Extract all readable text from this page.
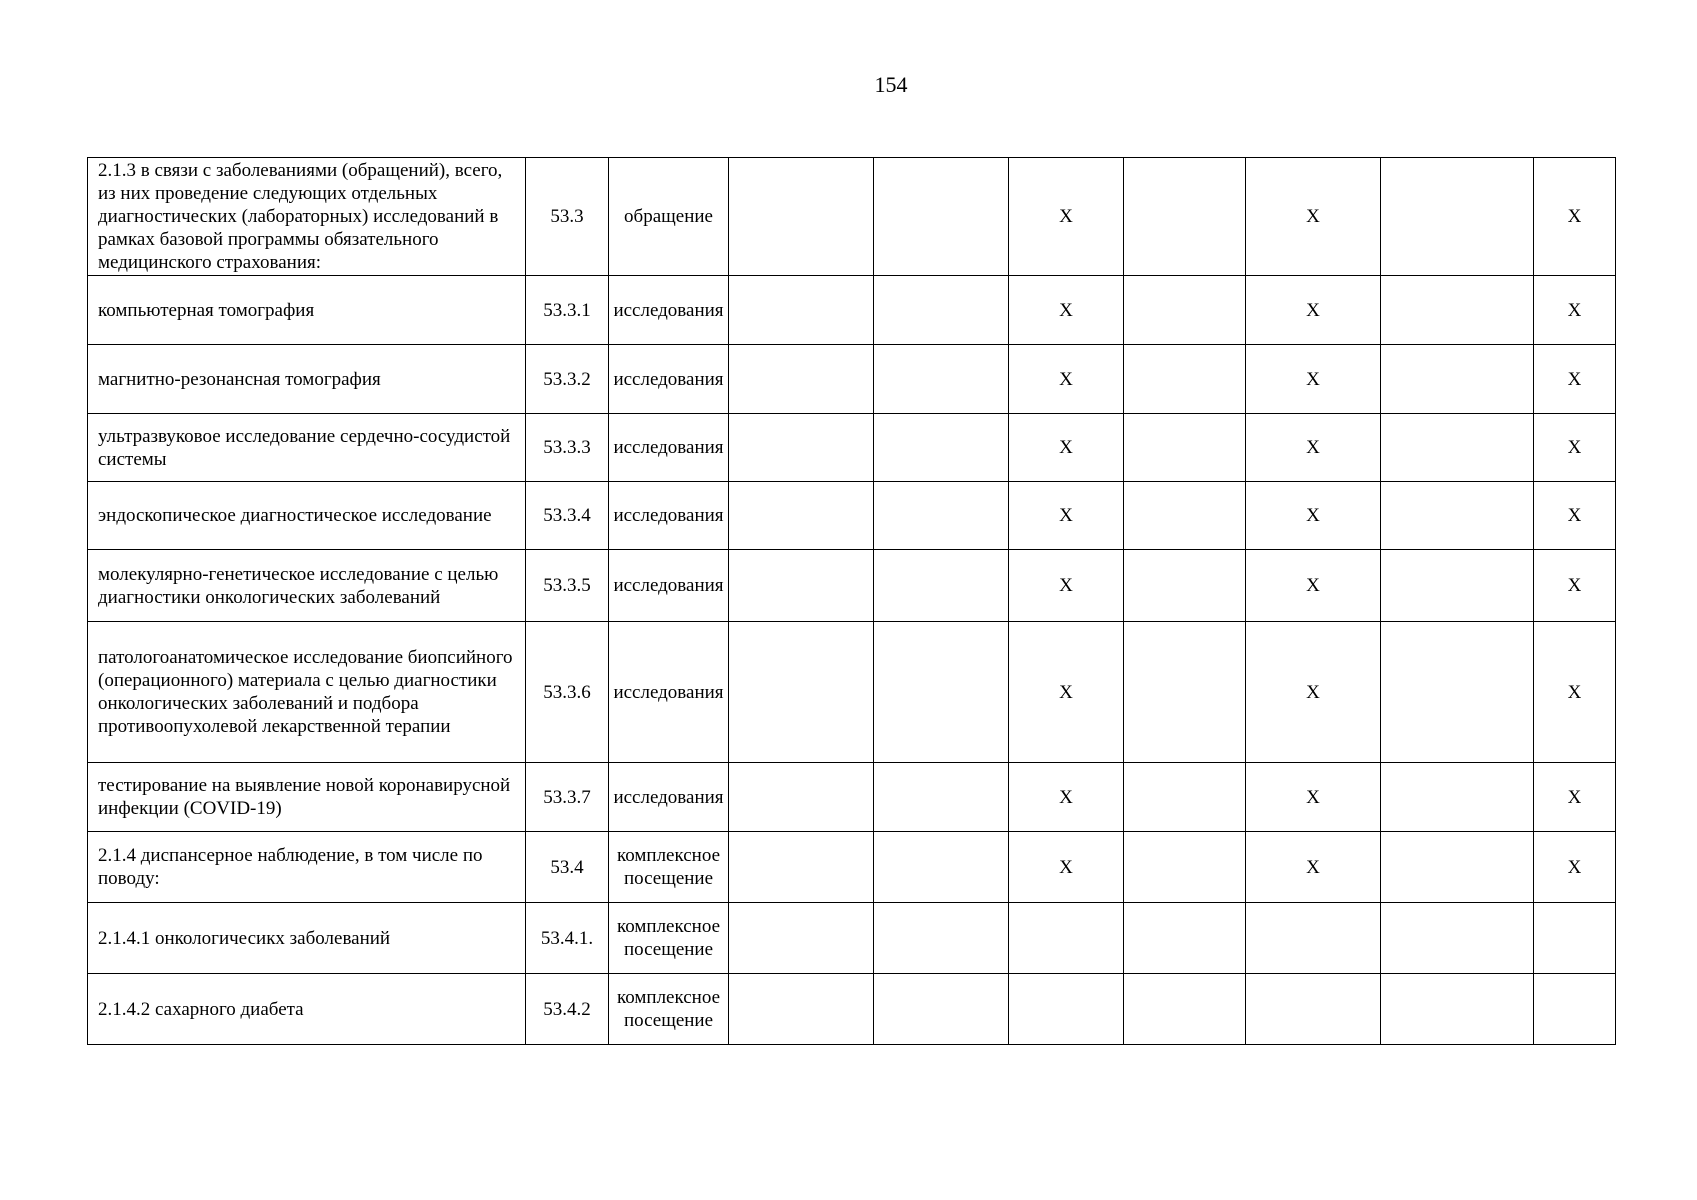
154
2.1.3 в связи с заболеваниями (обращений), всего, из них проведение следующих отдельных диагностических (лабораторных) исследований в рамках базовой программы обязательного медицинского страхования:	53.3	обращение			Х		Х		Х
компьютерная томография	53.3.1	исследования			Х		Х		Х
магнитно-резонансная томография	53.3.2	исследования			Х		Х		Х
ультразвуковое исследование сердечно-сосудистой системы	53.3.3	исследования			Х		Х		Х
эндоскопическое диагностическое исследование	53.3.4	исследования			Х		Х		Х
молекулярно-генетическое исследование с целью диагностики онкологических заболеваний	53.3.5	исследования			Х		Х		Х
патологоанатомическое исследование биопсийного (операционного) материала с целью диагностики онкологических заболеваний и подбора противоопухолевой лекарственной терапии	53.3.6	исследования			Х		Х		Х
тестирование на выявление новой коронавирусной инфекции (COVID-19)	53.3.7	исследования			Х		Х		Х
2.1.4 диспансерное наблюдение, в том числе по поводу:	53.4	комплексное посещение			Х		Х		Х
2.1.4.1 онкологичесикх заболеваний	53.4.1.	комплексное посещение							
2.1.4.2 сахарного диабета	53.4.2	комплексное посещение							
